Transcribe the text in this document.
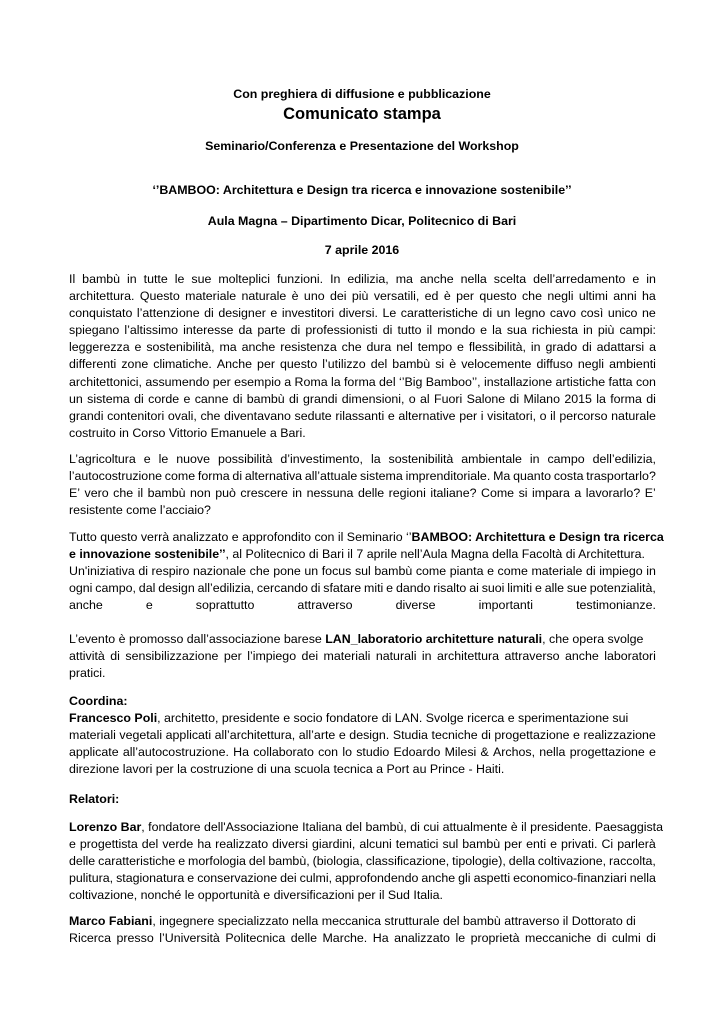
Con preghiera di diffusione e pubblicazione
Comunicato stampa
Seminario/Conferenza e Presentazione del Workshop
‘’BAMBOO: Architettura e Design tra ricerca e innovazione sostenibile’’
Aula Magna – Dipartimento Dicar, Politecnico di Bari
7 aprile 2016
Il bambù in tutte le sue molteplici funzioni. In edilizia, ma anche nella scelta dell’arredamento e in
architettura. Questo materiale naturale è uno dei più versatili, ed è per questo che negli ultimi anni ha
conquistato l’attenzione di designer e investitori diversi. Le caratteristiche di un legno cavo così unico ne
spiegano l’altissimo interesse da parte di professionisti di tutto il mondo e la sua richiesta in più campi:
leggerezza e sostenibilità, ma anche resistenza che dura nel tempo e flessibilità, in grado di adattarsi a
differenti zone climatiche. Anche per questo l’utilizzo del bambù si è velocemente diffuso negli ambienti
architettonici, assumendo per esempio a Roma la forma del ‘’Big Bamboo’’, installazione artistiche fatta con
un sistema di corde e canne di bambù di grandi dimensioni, o al Fuori Salone di Milano 2015 la forma di
grandi contenitori ovali, che diventavano sedute rilassanti e alternative per i visitatori, o il percorso naturale
costruito in Corso Vittorio Emanuele a Bari.
L’agricoltura e le nuove possibilità d’investimento, la sostenibilità ambientale in campo dell’edilizia,
l’autocostruzione come forma di alternativa all’attuale sistema imprenditoriale. Ma quanto costa trasportarlo?
E’ vero che il bambù non può crescere in nessuna delle regioni italiane? Come si impara a lavorarlo? E’
resistente come l’acciaio?
Tutto questo verrà analizzato e approfondito con il Seminario ‘’BAMBOO: Architettura e Design tra ricerca
e innovazione sostenibile’’, al Politecnico di Bari il 7 aprile nell’Aula Magna della Facoltà di Architettura.
Un'iniziativa di respiro nazionale che pone un focus sul bambù come pianta e come materiale di impiego in
ogni campo, dal design all’edilizia, cercando di sfatare miti e dando risalto ai suoi limiti e alle sue potenzialità,
anche	e	soprattutto	attraverso	diverse	importanti	testimonianze.
L’evento è promosso dall’associazione barese LAN_laboratorio architetture naturali, che opera svolge
attività di sensibilizzazione per l’impiego dei materiali naturali in architettura attraverso anche laboratori
pratici.
Coordina:
Francesco Poli, architetto, presidente e socio fondatore di LAN. Svolge ricerca e sperimentazione sui
materiali vegetali applicati all’architettura, all’arte e design. Studia tecniche di progettazione e realizzazione
applicate all’autocostruzione. Ha collaborato con lo studio Edoardo Milesi & Archos, nella progettazione e
direzione lavori per la costruzione di una scuola tecnica a Port au Prince - Haiti.
Relatori:
Lorenzo Bar, fondatore dell'Associazione Italiana del bambù, di cui attualmente è il presidente. Paesaggista
e progettista del verde ha realizzato diversi giardini, alcuni tematici sul bambù per enti e privati. Ci parlerà
delle caratteristiche e morfologia del bambù, (biologia, classificazione, tipologie), della coltivazione, raccolta,
pulitura, stagionatura e conservazione dei culmi, approfondendo anche gli aspetti economico-finanziari nella
coltivazione, nonché le opportunità e diversificazioni per il Sud Italia.
Marco Fabiani, ingegnere specializzato nella meccanica strutturale del bambù attraverso il Dottorato di
Ricerca presso l’Università Politecnica delle Marche. Ha analizzato le proprietà meccaniche di culmi di
